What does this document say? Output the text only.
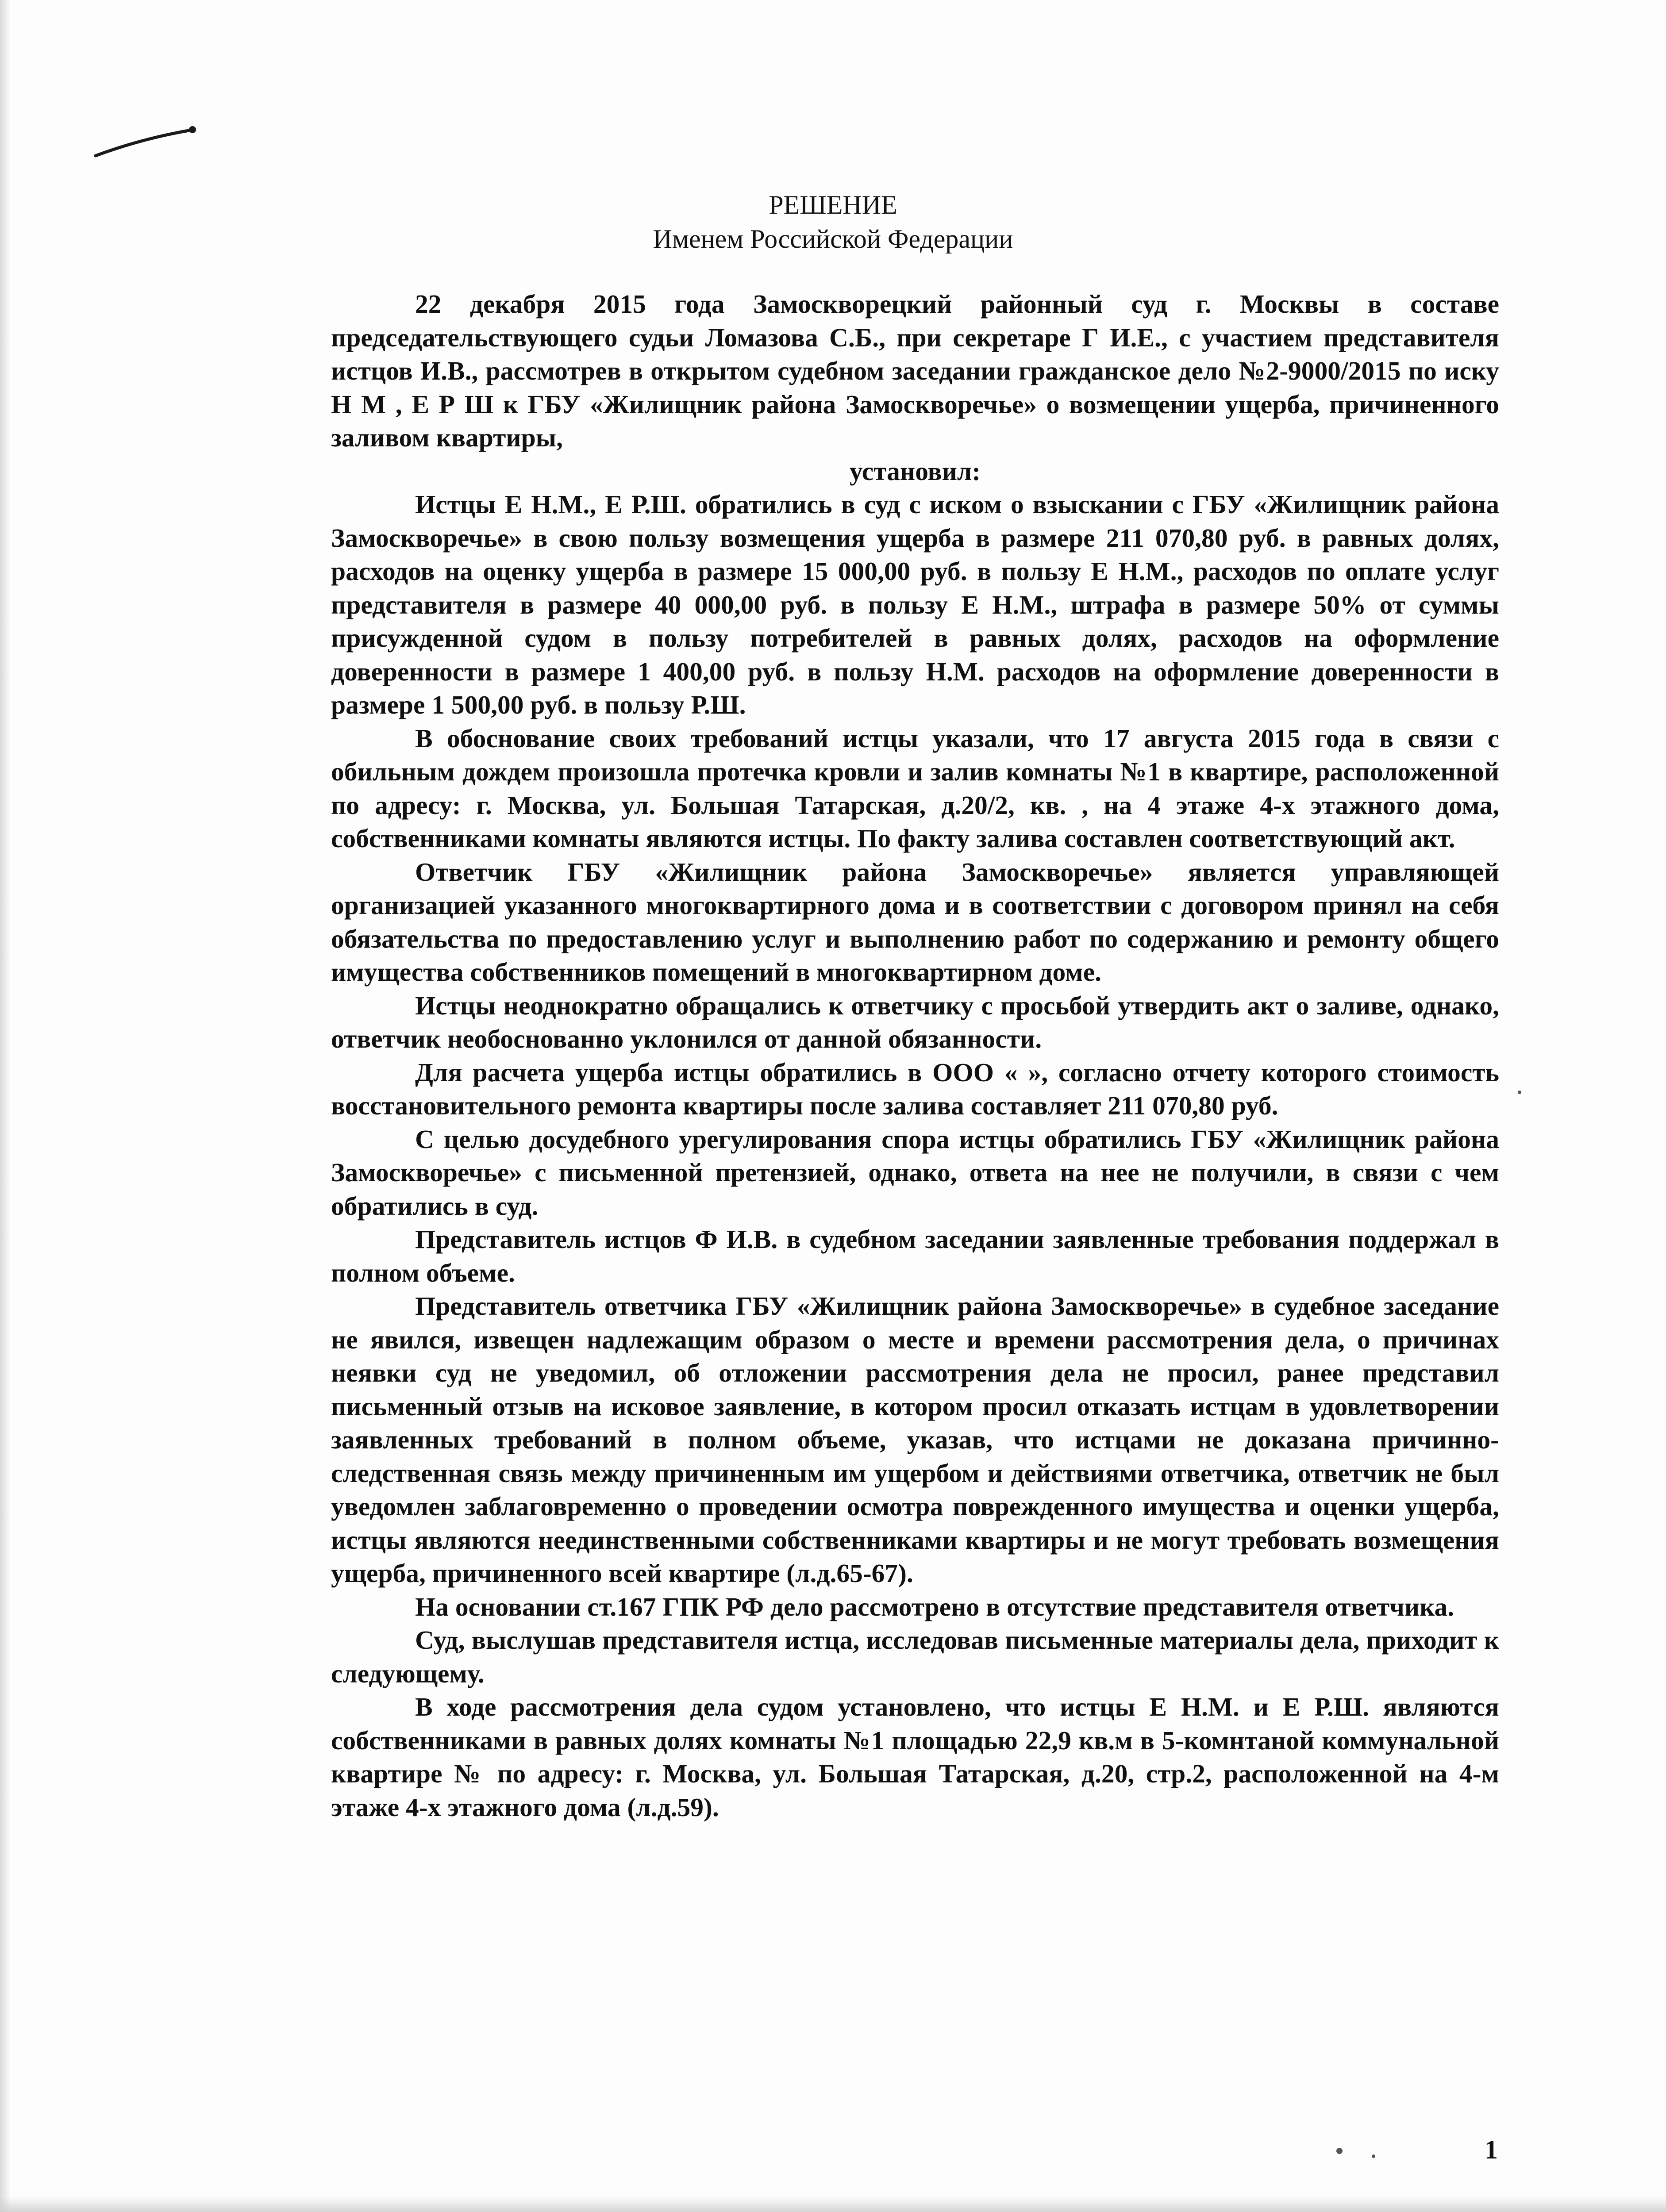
РЕШЕНИЕ
Именем Российской Федерации

22 декабря 2015 года Замоскворецкий районный суд г. Москвы в составе председательствующего судьи Ломазова С.Б., при секретаре Г И.Е., с участием представителя истцов И.В., рассмотрев в открытом судебном заседании гражданское дело №2-9000/2015 по иску Н М , Е Р Ш к ГБУ «Жилищник района Замоскворечье» о возмещении ущерба, причиненного заливом квартиры,

установил:

Истцы Е Н.М., Е Р.Ш. обратились в суд с иском о взыскании с ГБУ «Жилищник района Замоскворечье» в свою пользу возмещения ущерба в размере 211 070,80 руб. в равных долях, расходов на оценку ущерба в размере 15 000,00 руб. в пользу Е Н.М., расходов по оплате услуг представителя в размере 40 000,00 руб. в пользу Е Н.М., штрафа в размере 50% от суммы присужденной судом в пользу потребителей в равных долях, расходов на оформление доверенности в размере 1 400,00 руб. в пользу Н.М. расходов на оформление доверенности в размере 1 500,00 руб. в пользу Р.Ш.

В обоснование своих требований истцы указали, что 17 августа 2015 года в связи с обильным дождем произошла протечка кровли и залив комнаты №1 в квартире, расположенной по адресу: г. Москва, ул. Большая Татарская, д.20/2, кв. , на 4 этаже 4-х этажного дома, собственниками комнаты являются истцы. По факту залива составлен соответствующий акт.

Ответчик ГБУ «Жилищник района Замоскворечье» является управляющей организацией указанного многоквартирного дома и в соответствии с договором принял на себя обязательства по предоставлению услуг и выполнению работ по содержанию и ремонту общего имущества собственников помещений в многоквартирном доме.

Истцы неоднократно обращались к ответчику с просьбой утвердить акт о заливе, однако, ответчик необоснованно уклонился от данной обязанности.

Для расчета ущерба истцы обратились в ООО « », согласно отчету которого стоимость восстановительного ремонта квартиры после залива составляет 211 070,80 руб.

С целью досудебного урегулирования спора истцы обратились ГБУ «Жилищник района Замоскворечье» с письменной претензией, однако, ответа на нее не получили, в связи с чем обратились в суд.

Представитель истцов Ф И.В. в судебном заседании заявленные требования поддержал в полном объеме.

Представитель ответчика ГБУ «Жилищник района Замоскворечье» в судебное заседание не явился, извещен надлежащим образом о месте и времени рассмотрения дела, о причинах неявки суд не уведомил, об отложении рассмотрения дела не просил, ранее представил письменный отзыв на исковое заявление, в котором просил отказать истцам в удовлетворении заявленных требований в полном объеме, указав, что истцами не доказана причинно-следственная связь между причиненным им ущербом и действиями ответчика, ответчик не был уведомлен заблаговременно о проведении осмотра поврежденного имущества и оценки ущерба, истцы являются неединственными собственниками квартиры и не могут требовать возмещения ущерба, причиненного всей квартире (л.д.65-67).

На основании ст.167 ГПК РФ дело рассмотрено в отсутствие представителя ответчика.

Суд, выслушав представителя истца, исследовав письменные материалы дела, приходит к следующему.

В ходе рассмотрения дела судом установлено, что истцы Е Н.М. и Е Р.Ш. являются собственниками в равных долях комнаты №1 площадью 22,9 кв.м в 5-комнтаной коммунальной квартире № по адресу: г. Москва, ул. Большая Татарская, д.20, стр.2, расположенной на 4-м этаже 4-х этажного дома (л.д.59).

1
